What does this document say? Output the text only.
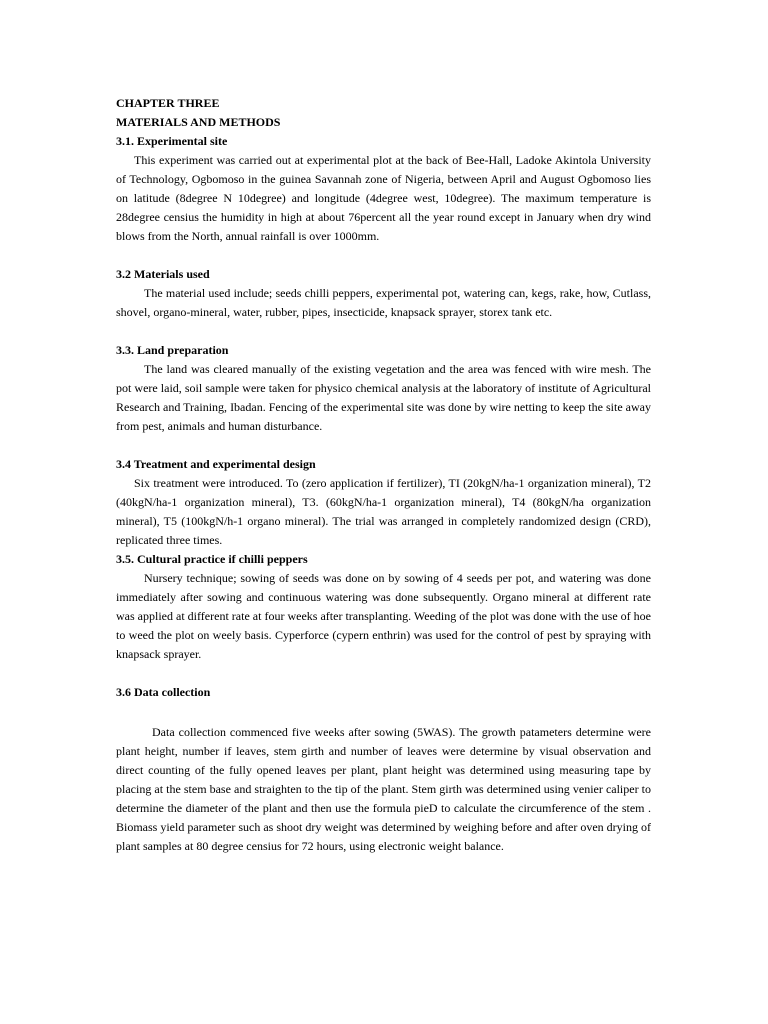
CHAPTER THREE

MATERIALS AND METHODS

3.1. Experimental site

This experiment was carried out at experimental plot at the back of Bee-Hall, Ladoke Akintola University of Technology, Ogbomoso in the guinea Savannah zone of Nigeria, between April and August Ogbomoso lies on latitude (8degree N 10degree) and longitude (4degree west, 10degree). The maximum temperature is 28degree censius the humidity in high at about 76percent all the year round except in January when dry wind blows from the North, annual rainfall is over 1000mm.

3.2 Materials used

The material used include; seeds chilli peppers, experimental pot, watering can, kegs, rake, how, Cutlass, shovel, organo-mineral, water, rubber, pipes, insecticide, knapsack sprayer, storex tank etc.

3.3. Land preparation

The land was cleared manually of the existing vegetation and the area was fenced with wire mesh. The pot were laid, soil sample were taken for physico chemical analysis at the laboratory of institute of Agricultural Research and Training, Ibadan. Fencing of the experimental site was done by wire netting to keep the site away from pest, animals and human disturbance.

3.4 Treatment and experimental design

Six treatment were introduced. To (zero application if fertilizer), TI (20kgN/ha-1 organization mineral), T2 (40kgN/ha-1 organization mineral), T3. (60kgN/ha-1 organization mineral), T4 (80kgN/ha organization mineral), T5 (100kgN/h-1 organo mineral). The trial was arranged in completely randomized design (CRD), replicated three times.

3.5. Cultural practice if chilli peppers

Nursery technique; sowing of seeds was done on by sowing of 4 seeds per pot, and watering was done immediately after sowing and continuous watering was done subsequently. Organo mineral at different rate was applied at different rate at four weeks after transplanting. Weeding of the plot was done with the use of hoe to weed the plot on weely basis. Cyperforce (cypern enthrin) was used for the control of pest by spraying with knapsack sprayer.

3.6 Data collection

Data collection commenced five weeks after sowing (5WAS). The growth patameters determine were plant height, number if leaves, stem girth and number of leaves were determine by visual observation and direct counting of the fully opened leaves per plant, plant height was determined using measuring tape by placing at the stem base and straighten to the tip of the plant. Stem girth was determined using venier caliper to determine the diameter of the plant and then use the formula pieD to calculate the circumference of the stem . Biomass yield parameter such as shoot dry weight was determined by weighing before and after oven drying of plant samples at 80 degree censius for 72 hours, using electronic weight balance.
